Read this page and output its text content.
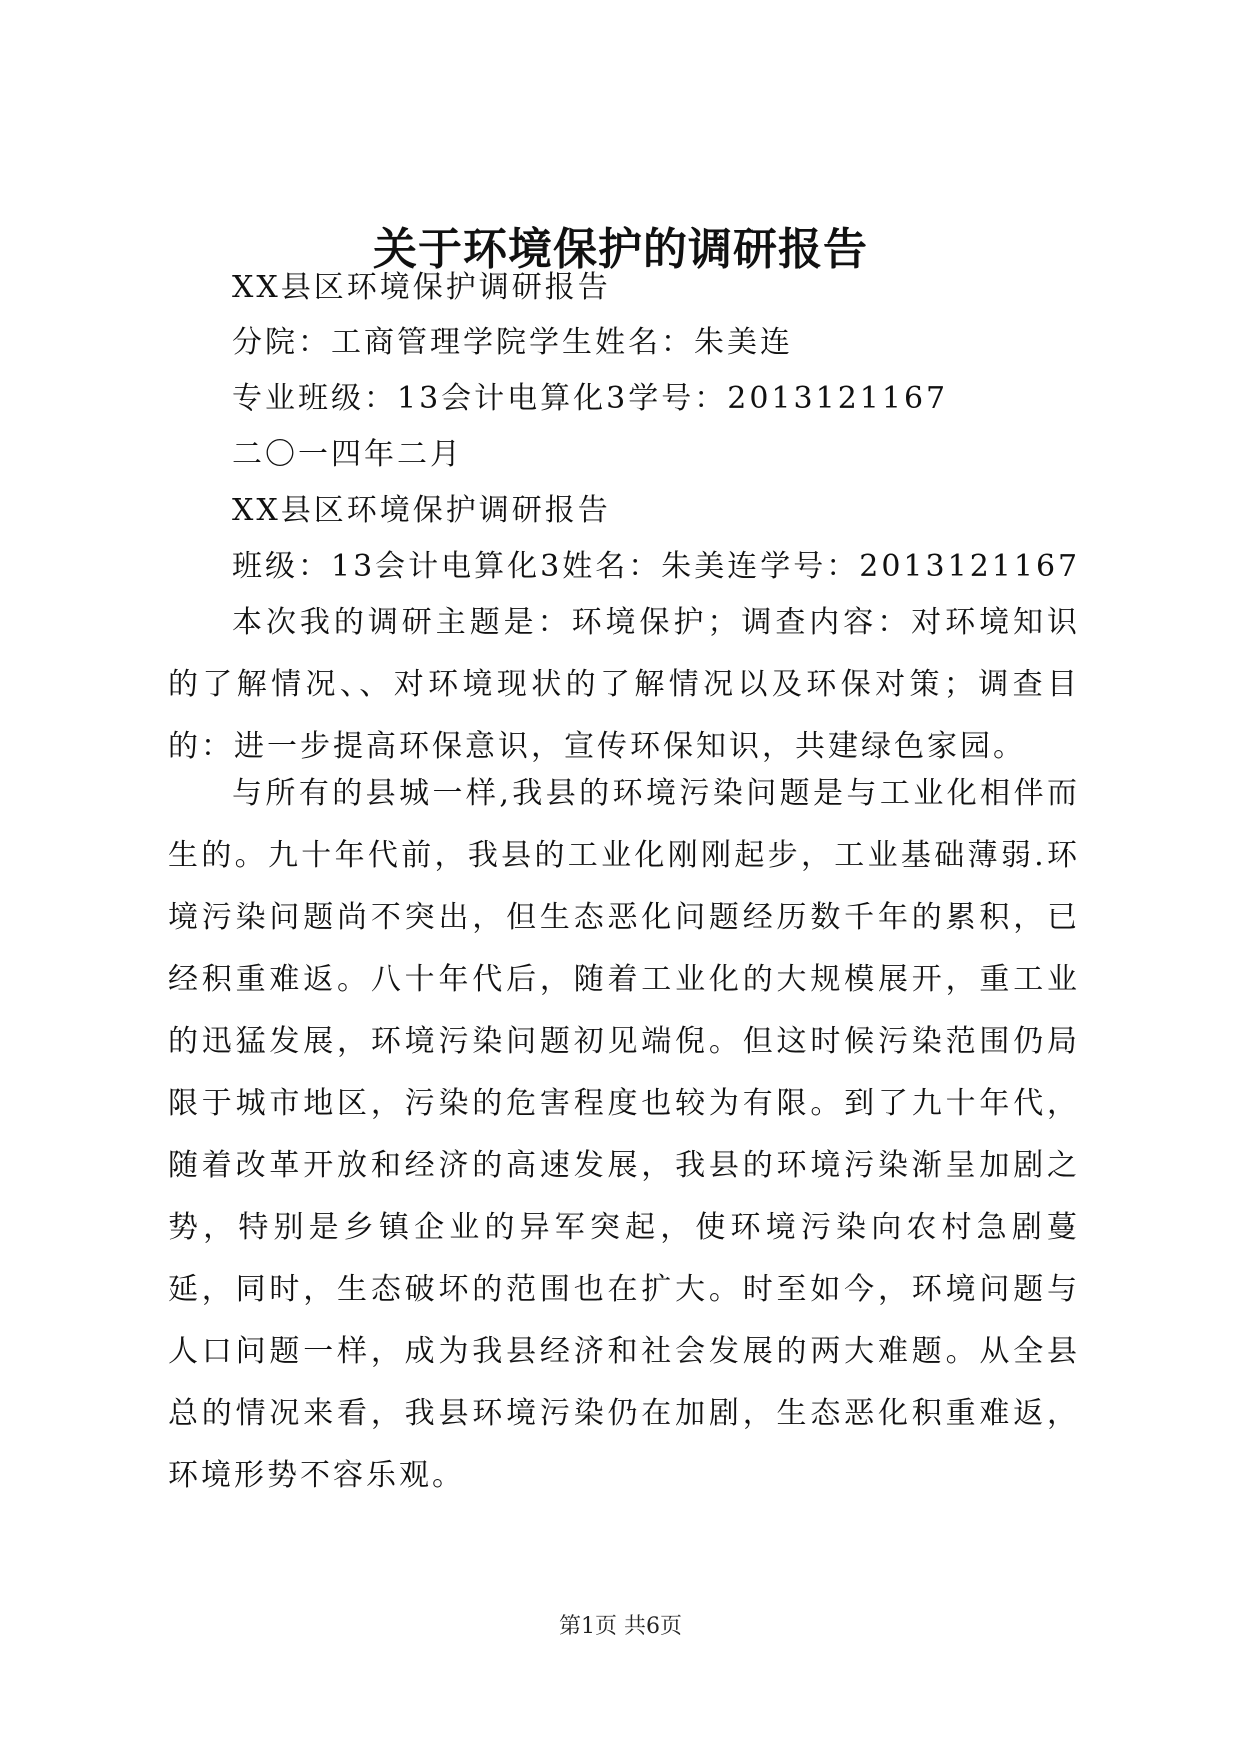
关于环境保护的调研报告
XX县区环境保护调研报告
分院：工商管理学院学生姓名：朱美连
专业班级：13会计电算化3学号：2013121167
二〇一四年二月
XX县区环境保护调研报告
班级：13会计电算化3姓名：朱美连学号：2013121167
本次我的调研主题是：环境保护；调查内容：对环境知识的了解情况、、对环境现状的了解情况以及环保对策；调查目的：进一步提高环保意识，宣传环保知识，共建绿色家园。
与所有的县城一样,我县的环境污染问题是与工业化相伴而生的。九十年代前，我县的工业化刚刚起步，工业基础薄弱.环境污染问题尚不突出，但生态恶化问题经历数千年的累积，已经积重难返。八十年代后，随着工业化的大规模展开，重工业的迅猛发展，环境污染问题初见端倪。但这时候污染范围仍局限于城市地区，污染的危害程度也较为有限。到了九十年代，随着改革开放和经济的高速发展，我县的环境污染渐呈加剧之势，特别是乡镇企业的异军突起，使环境污染向农村急剧蔓延，同时，生态破坏的范围也在扩大。时至如今，环境问题与人口问题一样，成为我县经济和社会发展的两大难题。从全县总的情况来看，我县环境污染仍在加剧，生态恶化积重难返，环境形势不容乐观。
第1页 共6页
